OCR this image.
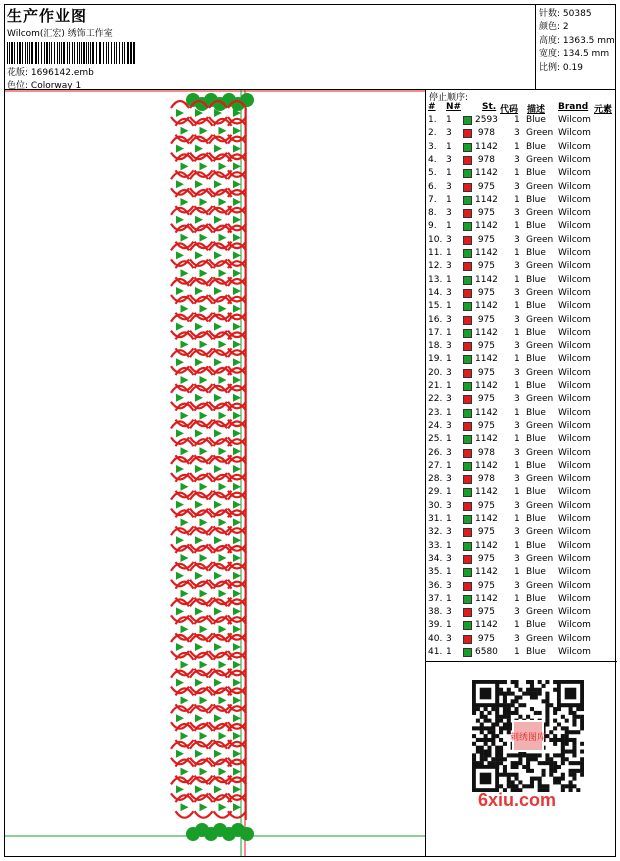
生产作业图
Wilcom(汇宏) 绣饰工作室
花版: 1696142.emb
色位: Colorway 1
针数: 50385
颜色: 2
高度: 1363.5 mm
宽度: 134.5 mm
比例: 0.19
停止顺序:
# N# St. 代码 描述 Brand 元素
1. 1	2593 1 Blue Wilcom
2. 3	978 3 Green Wilcom
3. 1	1142 1 Blue Wilcom
4. 3	978 3 Green Wilcom
5. 1	1142 1 Blue Wilcom
6. 3	975 3 Green Wilcom
7. 1	1142 1 Blue Wilcom
8. 3	975 3 Green Wilcom
9. 1	1142 1 Blue Wilcom
10. 3	975 3 Green Wilcom
11. 1	1142 1 Blue Wilcom
12. 3	975 3 Green Wilcom
13. 1	1142 1 Blue Wilcom
14. 3	975 3 Green Wilcom
15. 1	1142 1 Blue Wilcom
16. 3	975 3 Green Wilcom
17. 1	1142 1 Blue Wilcom
18. 3	975 3 Green Wilcom
19. 1	1142 1 Blue Wilcom
20. 3	975 3 Green Wilcom
21. 1	1142 1 Blue Wilcom
22. 3	975 3 Green Wilcom
23. 1	1142 1 Blue Wilcom
24. 3	975 3 Green Wilcom
25. 1	1142 1 Blue Wilcom
26. 3	978 3 Green Wilcom
27. 1	1142 1 Blue Wilcom
28. 3	978 3 Green Wilcom
29. 1	1142 1 Blue Wilcom
30. 3	975 3 Green Wilcom
31. 1	1142 1 Blue Wilcom
32. 3	975 3 Green Wilcom
33. 1	1142 1 Blue Wilcom
34. 3	975 3 Green Wilcom
35. 1	1142 1 Blue Wilcom
36. 3	975 3 Green Wilcom
37. 1	1142 1 Blue Wilcom
38. 3	975 3 Green Wilcom
39. 1	1142 1 Blue Wilcom
40. 3	975 3 Green Wilcom
41. 1	6580 1 Blue Wilcom
刺绣图库
6xiu.com
